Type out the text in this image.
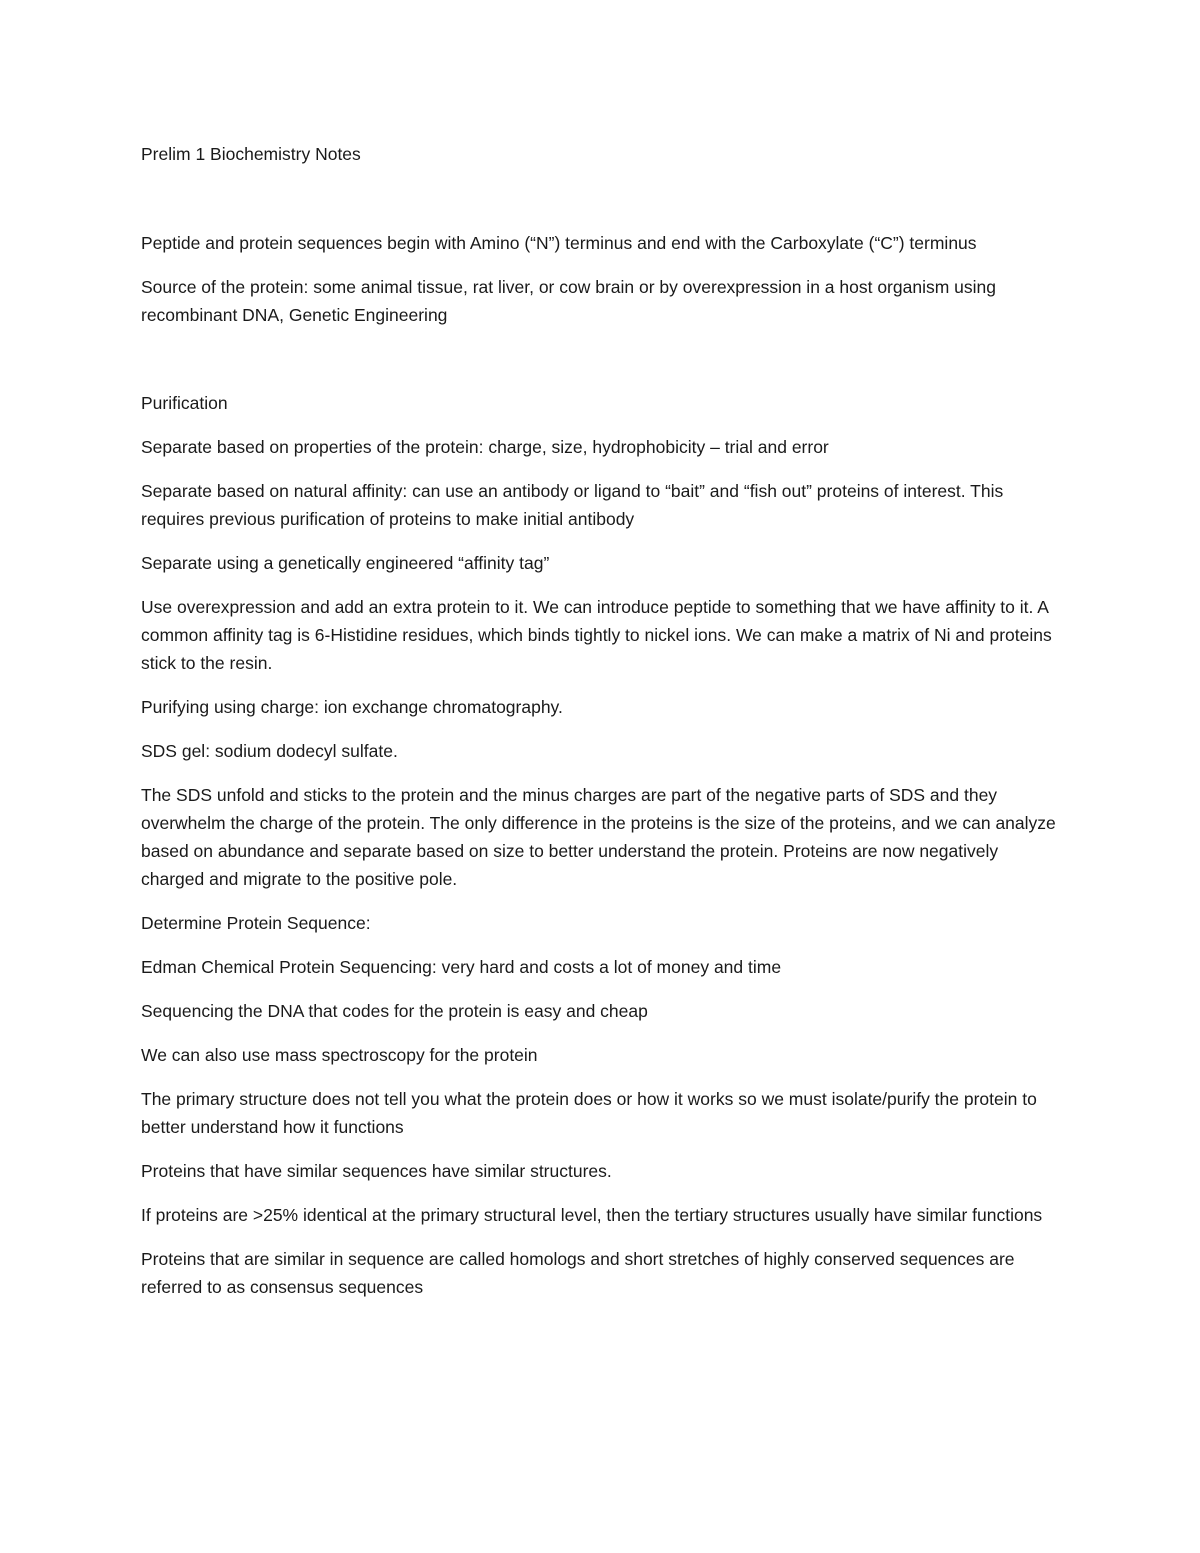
Prelim 1 Biochemistry Notes

Peptide and protein sequences begin with Amino (“N”) terminus and end with the Carboxylate (“C”) terminus

Source of the protein: some animal tissue, rat liver, or cow brain or by overexpression in a host organism using recombinant DNA, Genetic Engineering

Purification

Separate based on properties of the protein: charge, size, hydrophobicity – trial and error

Separate based on natural affinity: can use an antibody or ligand to “bait” and “fish out” proteins of interest. This requires previous purification of proteins to make initial antibody

Separate using a genetically engineered “affinity tag”

Use overexpression and add an extra protein to it. We can introduce peptide to something that we have affinity to it. A common affinity tag is 6-Histidine residues, which binds tightly to nickel ions. We can make a matrix of Ni and proteins stick to the resin.

Purifying using charge: ion exchange chromatography.

SDS gel: sodium dodecyl sulfate.

The SDS unfold and sticks to the protein and the minus charges are part of the negative parts of SDS and they overwhelm the charge of the protein. The only difference in the proteins is the size of the proteins, and we can analyze based on abundance and separate based on size to better understand the protein. Proteins are now negatively charged and migrate to the positive pole.

Determine Protein Sequence:

Edman Chemical Protein Sequencing: very hard and costs a lot of money and time

Sequencing the DNA that codes for the protein is easy and cheap

We can also use mass spectroscopy for the protein

The primary structure does not tell you what the protein does or how it works so we must isolate/purify the protein to better understand how it functions

Proteins that have similar sequences have similar structures.

If proteins are >25% identical at the primary structural level, then the tertiary structures usually have similar functions

Proteins that are similar in sequence are called homologs and short stretches of highly conserved sequences are referred to as consensus sequences
